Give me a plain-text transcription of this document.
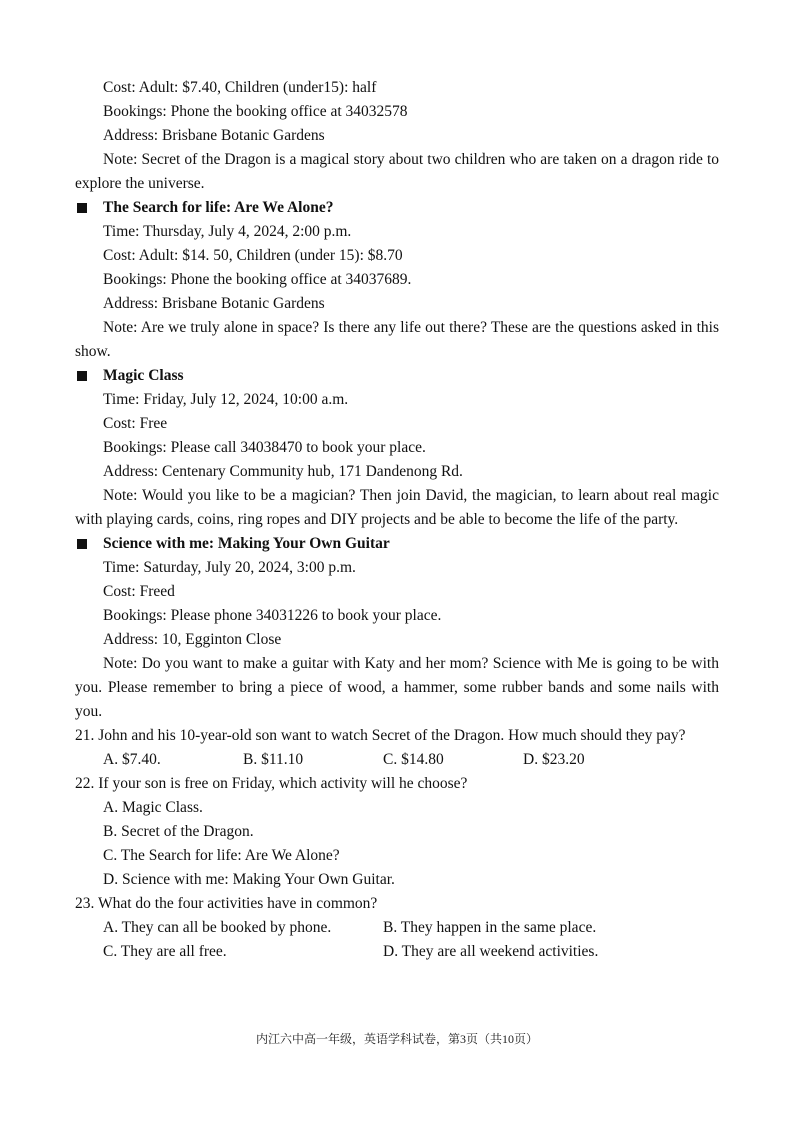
Cost: Adult: $7.40, Children (under15): half
Bookings: Phone the booking office at 34032578
Address: Brisbane Botanic Gardens
Note: Secret of the Dragon is a magical story about two children who are taken on a dragon ride to explore the universe.
The Search for life: Are We Alone?
Time: Thursday, July 4, 2024, 2:00 p.m.
Cost: Adult: $14. 50, Children (under 15): $8.70
Bookings: Phone the booking office at 34037689.
Address: Brisbane Botanic Gardens
Note: Are we truly alone in space? Is there any life out there? These are the questions asked in this show.
Magic Class
Time: Friday, July 12, 2024, 10:00 a.m.
Cost: Free
Bookings: Please call 34038470 to book your place.
Address: Centenary Community hub, 171 Dandenong Rd.
Note: Would you like to be a magician? Then join David, the magician, to learn about real magic with playing cards, coins, ring ropes and DIY projects and be able to become the life of the party.
Science with me: Making Your Own Guitar
Time: Saturday, July 20, 2024, 3:00 p.m.
Cost: Freed
Bookings: Please phone 34031226 to book your place.
Address: 10, Egginton Close
Note: Do you want to make a guitar with Katy and her mom? Science with Me is going to be with you. Please remember to bring a piece of wood, a hammer, some rubber bands and some nails with you.
21. John and his 10-year-old son want to watch Secret of the Dragon. How much should they pay?
A. $7.40.	B. $11.10	C. $14.80	D. $23.20
22. If your son is free on Friday, which activity will he choose?
A. Magic Class.
B. Secret of the Dragon.
C. The Search for life: Are We Alone?
D. Science with me: Making Your Own Guitar.
23. What do the four activities have in common?
A. They can all be booked by phone.	B. They happen in the same place.
C. They are all free.	D. They are all weekend activities.
内江六中高一年级，英语学科试卷，第3页（共10页）
